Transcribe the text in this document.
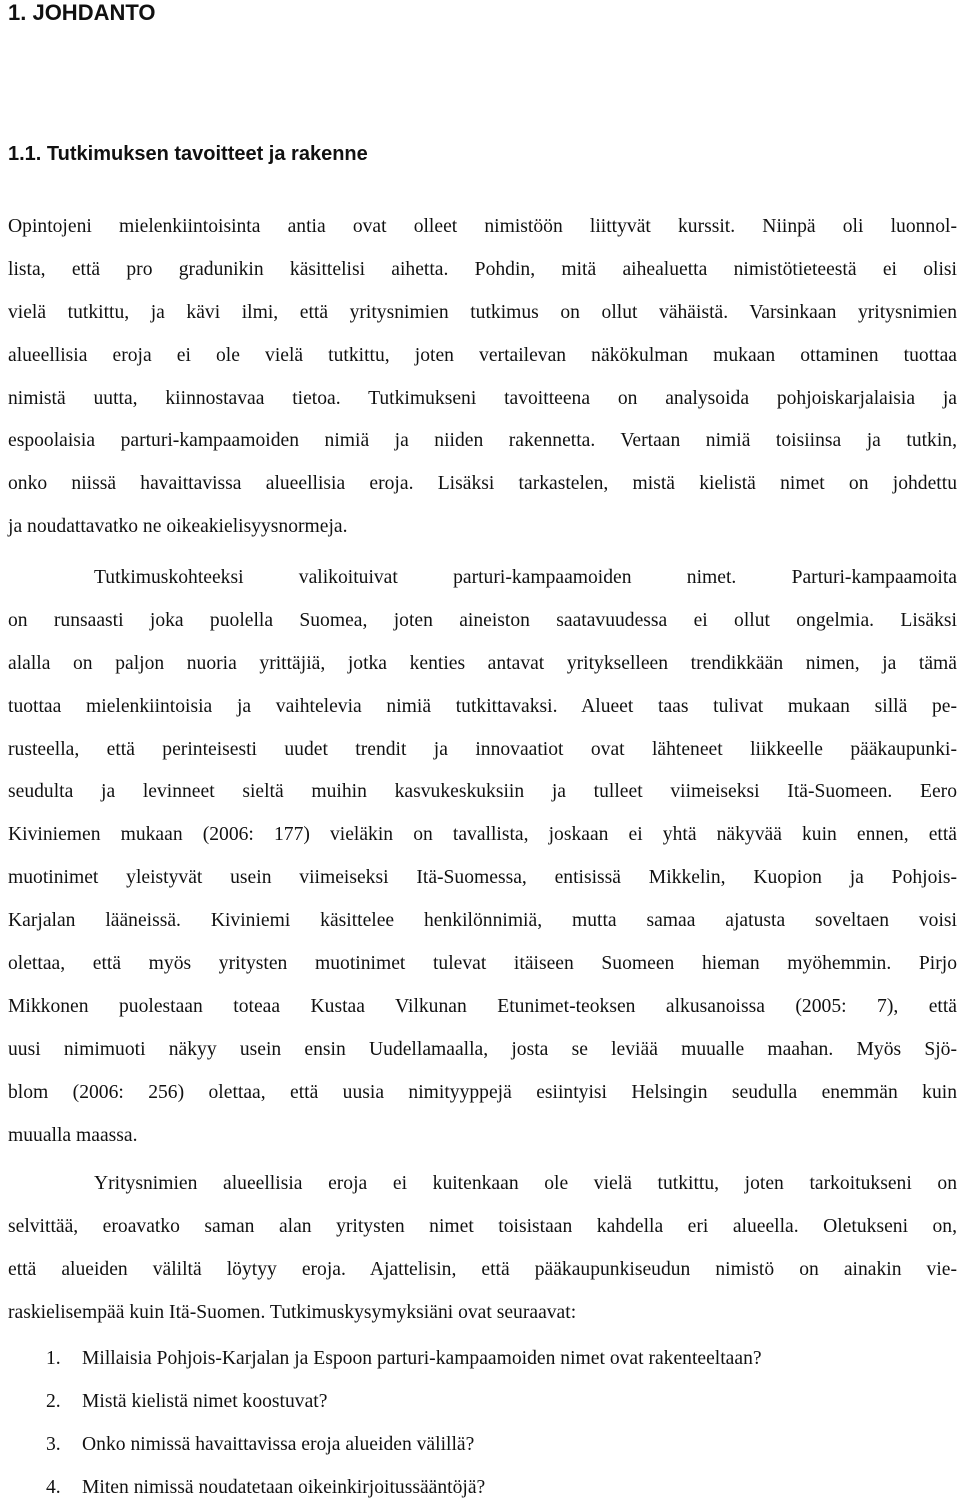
1. JOHDANTO
1.1. Tutkimuksen tavoitteet ja rakenne

Opintojeni mielenkiintoisinta antia ovat olleet nimistöön liittyvät kurssit. Niinpä oli luonnol-
lista, että pro gradunikin käsittelisi aihetta. Pohdin, mitä aihealuetta nimistötieteestä ei olisi
vielä tutkittu, ja kävi ilmi, että yritysnimien tutkimus on ollut vähäistä. Varsinkaan yritysnimien
alueellisia eroja ei ole vielä tutkittu, joten vertailevan näkökulman mukaan ottaminen tuottaa
nimistä uutta, kiinnostavaa tietoa. Tutkimukseni tavoitteena on analysoida pohjoiskarjalaisia ja
espoolaisia parturi-kampaamoiden nimiä ja niiden rakennetta. Vertaan nimiä toisiinsa ja tutkin,
onko niissä havaittavissa alueellisia eroja. Lisäksi tarkastelen, mistä kielistä nimet on johdettu
ja noudattavatko ne oikeakielisyysnormeja.

Tutkimuskohteeksi valikoituivat parturi-kampaamoiden nimet. Parturi-kampaamoita
on runsaasti joka puolella Suomea, joten aineiston saatavuudessa ei ollut ongelmia. Lisäksi
alalla on paljon nuoria yrittäjiä, jotka kenties antavat yritykselleen trendikkään nimen, ja tämä
tuottaa mielenkiintoisia ja vaihtelevia nimiä tutkittavaksi. Alueet taas tulivat mukaan sillä pe-
rusteella, että perinteisesti uudet trendit ja innovaatiot ovat lähteneet liikkeelle pääkaupunki-
seudulta ja levinneet sieltä muihin kasvukeskuksiin ja tulleet viimeiseksi Itä-Suomeen. Eero
Kiviniemen mukaan (2006: 177) vieläkin on tavallista, joskaan ei yhtä näkyvää kuin ennen, että
muotinimet yleistyvät usein viimeiseksi Itä-Suomessa, entisissä Mikkelin, Kuopion ja Pohjois-
Karjalan lääneissä. Kiviniemi käsittelee henkilönnimiä, mutta samaa ajatusta soveltaen voisi
olettaa, että myös yritysten muotinimet tulevat itäiseen Suomeen hieman myöhemmin. Pirjo
Mikkonen puolestaan toteaa Kustaa Vilkunan Etunimet-teoksen alkusanoissa (2005: 7), että
uusi nimimuoti näkyy usein ensin Uudellamaalla, josta se leviää muualle maahan. Myös Sjö-
blom (2006: 256) olettaa, että uusia nimityyppejä esiintyisi Helsingin seudulla enemmän kuin
muualla maassa.

Yritysnimien alueellisia eroja ei kuitenkaan ole vielä tutkittu, joten tarkoitukseni on
selvittää, eroavatko saman alan yritysten nimet toisistaan kahdella eri alueella. Oletukseni on,
että alueiden väliltä löytyy eroja. Ajattelisin, että pääkaupunkiseudun nimistö on ainakin vie-
raskielisempää kuin Itä-Suomen. Tutkimuskysymyksiäni ovat seuraavat:

1. Millaisia Pohjois-Karjalan ja Espoon parturi-kampaamoiden nimet ovat rakenteeltaan?
2. Mistä kielistä nimet koostuvat?
3. Onko nimissä havaittavissa eroja alueiden välillä?
4. Miten nimissä noudatetaan oikeinkirjoitussääntöjä?
